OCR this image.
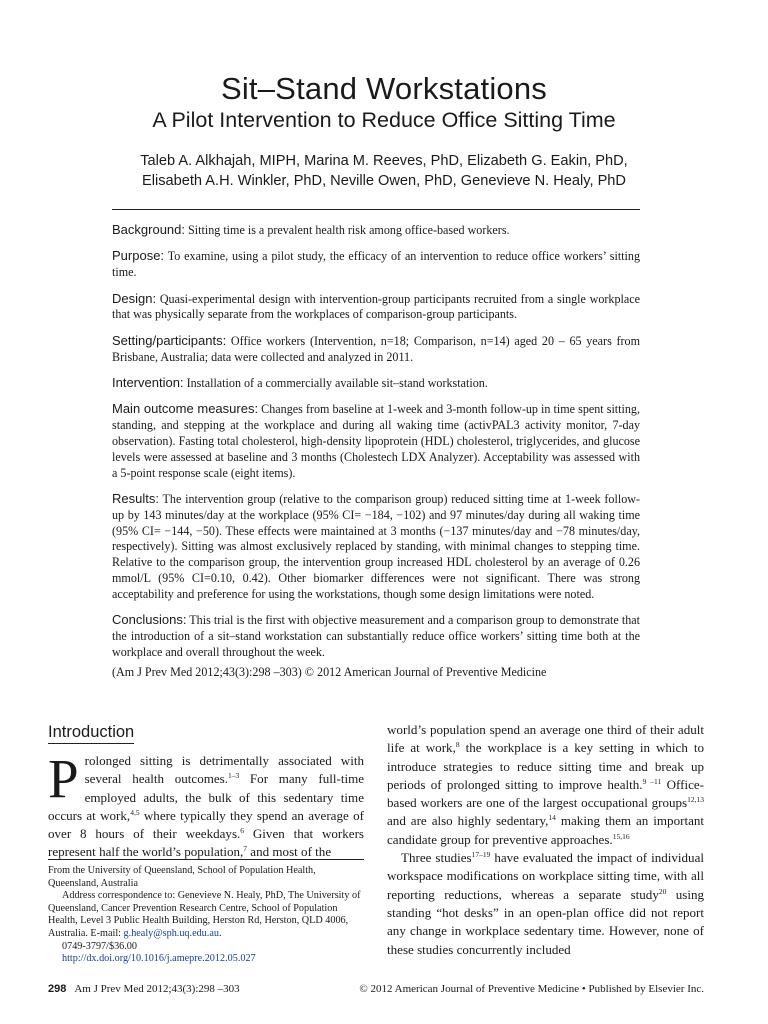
Sit–Stand Workstations
A Pilot Intervention to Reduce Office Sitting Time
Taleb A. Alkhajah, MIPH, Marina M. Reeves, PhD, Elizabeth G. Eakin, PhD,
Elisabeth A.H. Winkler, PhD, Neville Owen, PhD, Genevieve N. Healy, PhD

Background: Sitting time is a prevalent health risk among office-based workers.

Purpose: To examine, using a pilot study, the efficacy of an intervention to reduce office workers’ sitting time.

Design: Quasi-experimental design with intervention-group participants recruited from a single workplace that was physically separate from the workplaces of comparison-group participants.

Setting/participants: Office workers (Intervention, n=18; Comparison, n=14) aged 20 – 65 years from Brisbane, Australia; data were collected and analyzed in 2011.

Intervention: Installation of a commercially available sit–stand workstation.

Main outcome measures: Changes from baseline at 1-week and 3-month follow-up in time spent sitting, standing, and stepping at the workplace and during all waking time (activPAL3 activity monitor, 7-day observation). Fasting total cholesterol, high-density lipoprotein (HDL) cholesterol, triglycerides, and glucose levels were assessed at baseline and 3 months (Cholestech LDX Analyzer). Acceptability was assessed with a 5-point response scale (eight items).

Results: The intervention group (relative to the comparison group) reduced sitting time at 1-week follow-up by 143 minutes/day at the workplace (95% CI= −184, −102) and 97 minutes/day during all waking time (95% CI= −144, −50). These effects were maintained at 3 months (−137 minutes/day and −78 minutes/day, respectively). Sitting was almost exclusively replaced by standing, with minimal changes to stepping time. Relative to the comparison group, the intervention group increased HDL cholesterol by an average of 0.26 mmol/L (95% CI=0.10, 0.42). Other biomarker differences were not significant. There was strong acceptability and preference for using the workstations, though some design limitations were noted.

Conclusions: This trial is the first with objective measurement and a comparison group to demonstrate that the introduction of a sit–stand workstation can substantially reduce office workers’ sitting time both at the workplace and overall throughout the week.

(Am J Prev Med 2012;43(3):298 –303) © 2012 American Journal of Preventive Medicine
Introduction

Prolonged sitting is detrimentally associated with several health outcomes.$^{1-3}$ For many full-time employed adults, the bulk of this sedentary time occurs at work,$^{4,5}$ where typically they spend an average of over 8 hours of their weekdays.$^6$ Given that workers represent half the world’s population,$^7$ and most of the

From the University of Queensland, School of Population Health, Queensland, Australia

Address correspondence to: Genevieve N. Healy, PhD, The University of Queensland, Cancer Prevention Research Centre, School of Population Health, Level 3 Public Health Building, Herston Rd, Herston, QLD 4006, Australia. E-mail: g.healy@sph.uq.edu.au.

0749-3797/$36.00

http://dx.doi.org/10.1016/j.amepre.2012.05.027

world’s population spend an average one third of their adult life at work,$^8$ the workplace is a key setting in which to introduce strategies to reduce sitting time and break up periods of prolonged sitting to improve health.$^{9 -11}$ Office-based workers are one of the largest occupational groups$^{12,13}$ and are also highly sedentary,$^{14}$ making them an important candidate group for preventive approaches.$^{15,16}$

Three studies$^{17-19}$ have evaluated the impact of individual workspace modifications on workplace sitting time, with all reporting reductions, whereas a separate study$^{20}$ using standing “hot desks” in an open-plan office did not report any change in workplace sedentary time. However, none of these studies concurrently included

298 Am J Prev Med 2012;43(3):298 –303	© 2012 American Journal of Preventive Medicine • Published by Elsevier Inc.
